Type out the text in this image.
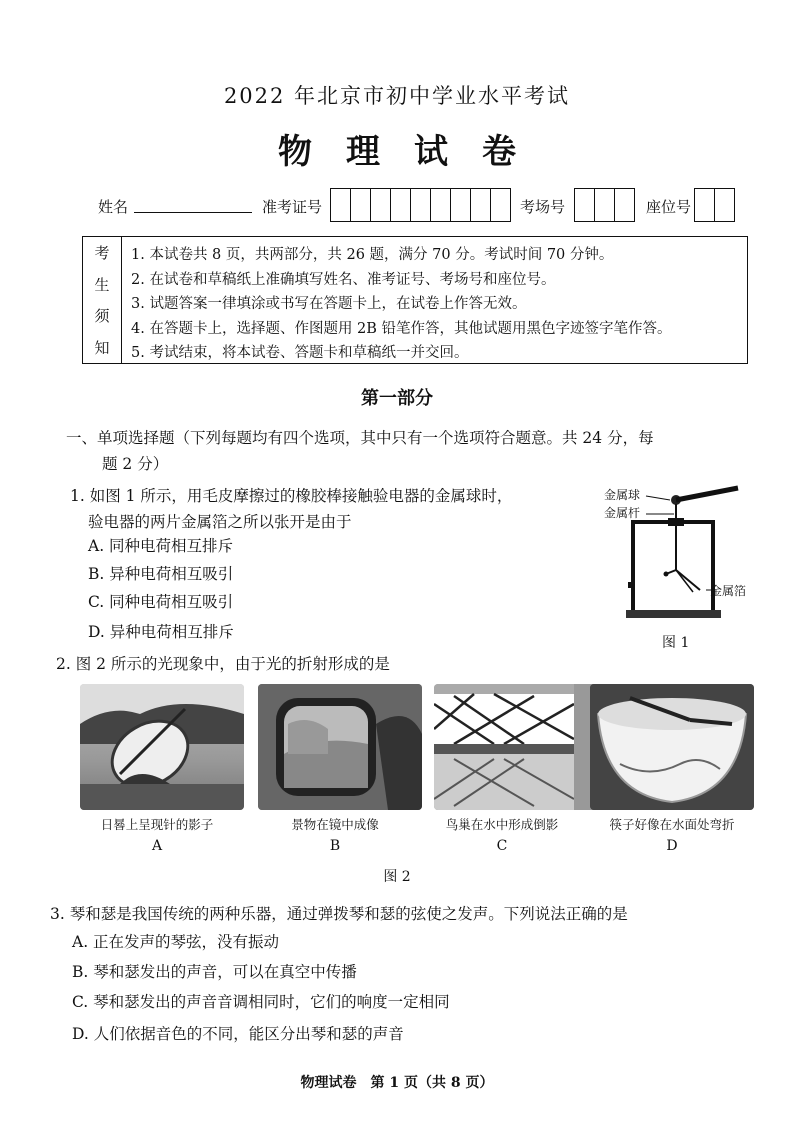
2022 年北京市初中学业水平考试
物理试卷
姓名	准考证号	考场号	座位号
考
生
须
知
1. 本试卷共 8 页，共两部分，共 26 题，满分 70 分。考试时间 70 分钟。
2. 在试卷和草稿纸上准确填写姓名、准考证号、考场号和座位号。
3. 试题答案一律填涂或书写在答题卡上，在试卷上作答无效。
4. 在答题卡上，选择题、作图题用 2B 铅笔作答，其他试题用黑色字迹签字笔作答。
5. 考试结束，将本试卷、答题卡和草稿纸一并交回。
第一部分
一、单项选择题（下列每题均有四个选项，其中只有一个选项符合题意。共 24 分，每
题 2 分）
1. 如图 1 所示，用毛皮摩擦过的橡胶棒接触验电器的金属球时，
验电器的两片金属箔之所以张开是由于
A. 同种电荷相互排斥
B. 异种电荷相互吸引
C. 同种电荷相互吸引
D. 异种电荷相互排斥
金属球
金属杆
金属箔
图 1
2. 图 2 所示的光现象中，由于光的折射形成的是
日晷上呈现针的影子	景物在镜中成像	鸟巢在水中形成倒影	筷子好像在水面处弯折
A	B	C	D
图 2
3. 琴和瑟是我国传统的两种乐器，通过弹拨琴和瑟的弦使之发声。下列说法正确的是
A. 正在发声的琴弦，没有振动
B. 琴和瑟发出的声音，可以在真空中传播
C. 琴和瑟发出的声音音调相同时，它们的响度一定相同
D. 人们依据音色的不同，能区分出琴和瑟的声音
物理试卷　第 1 页（共 8 页）
